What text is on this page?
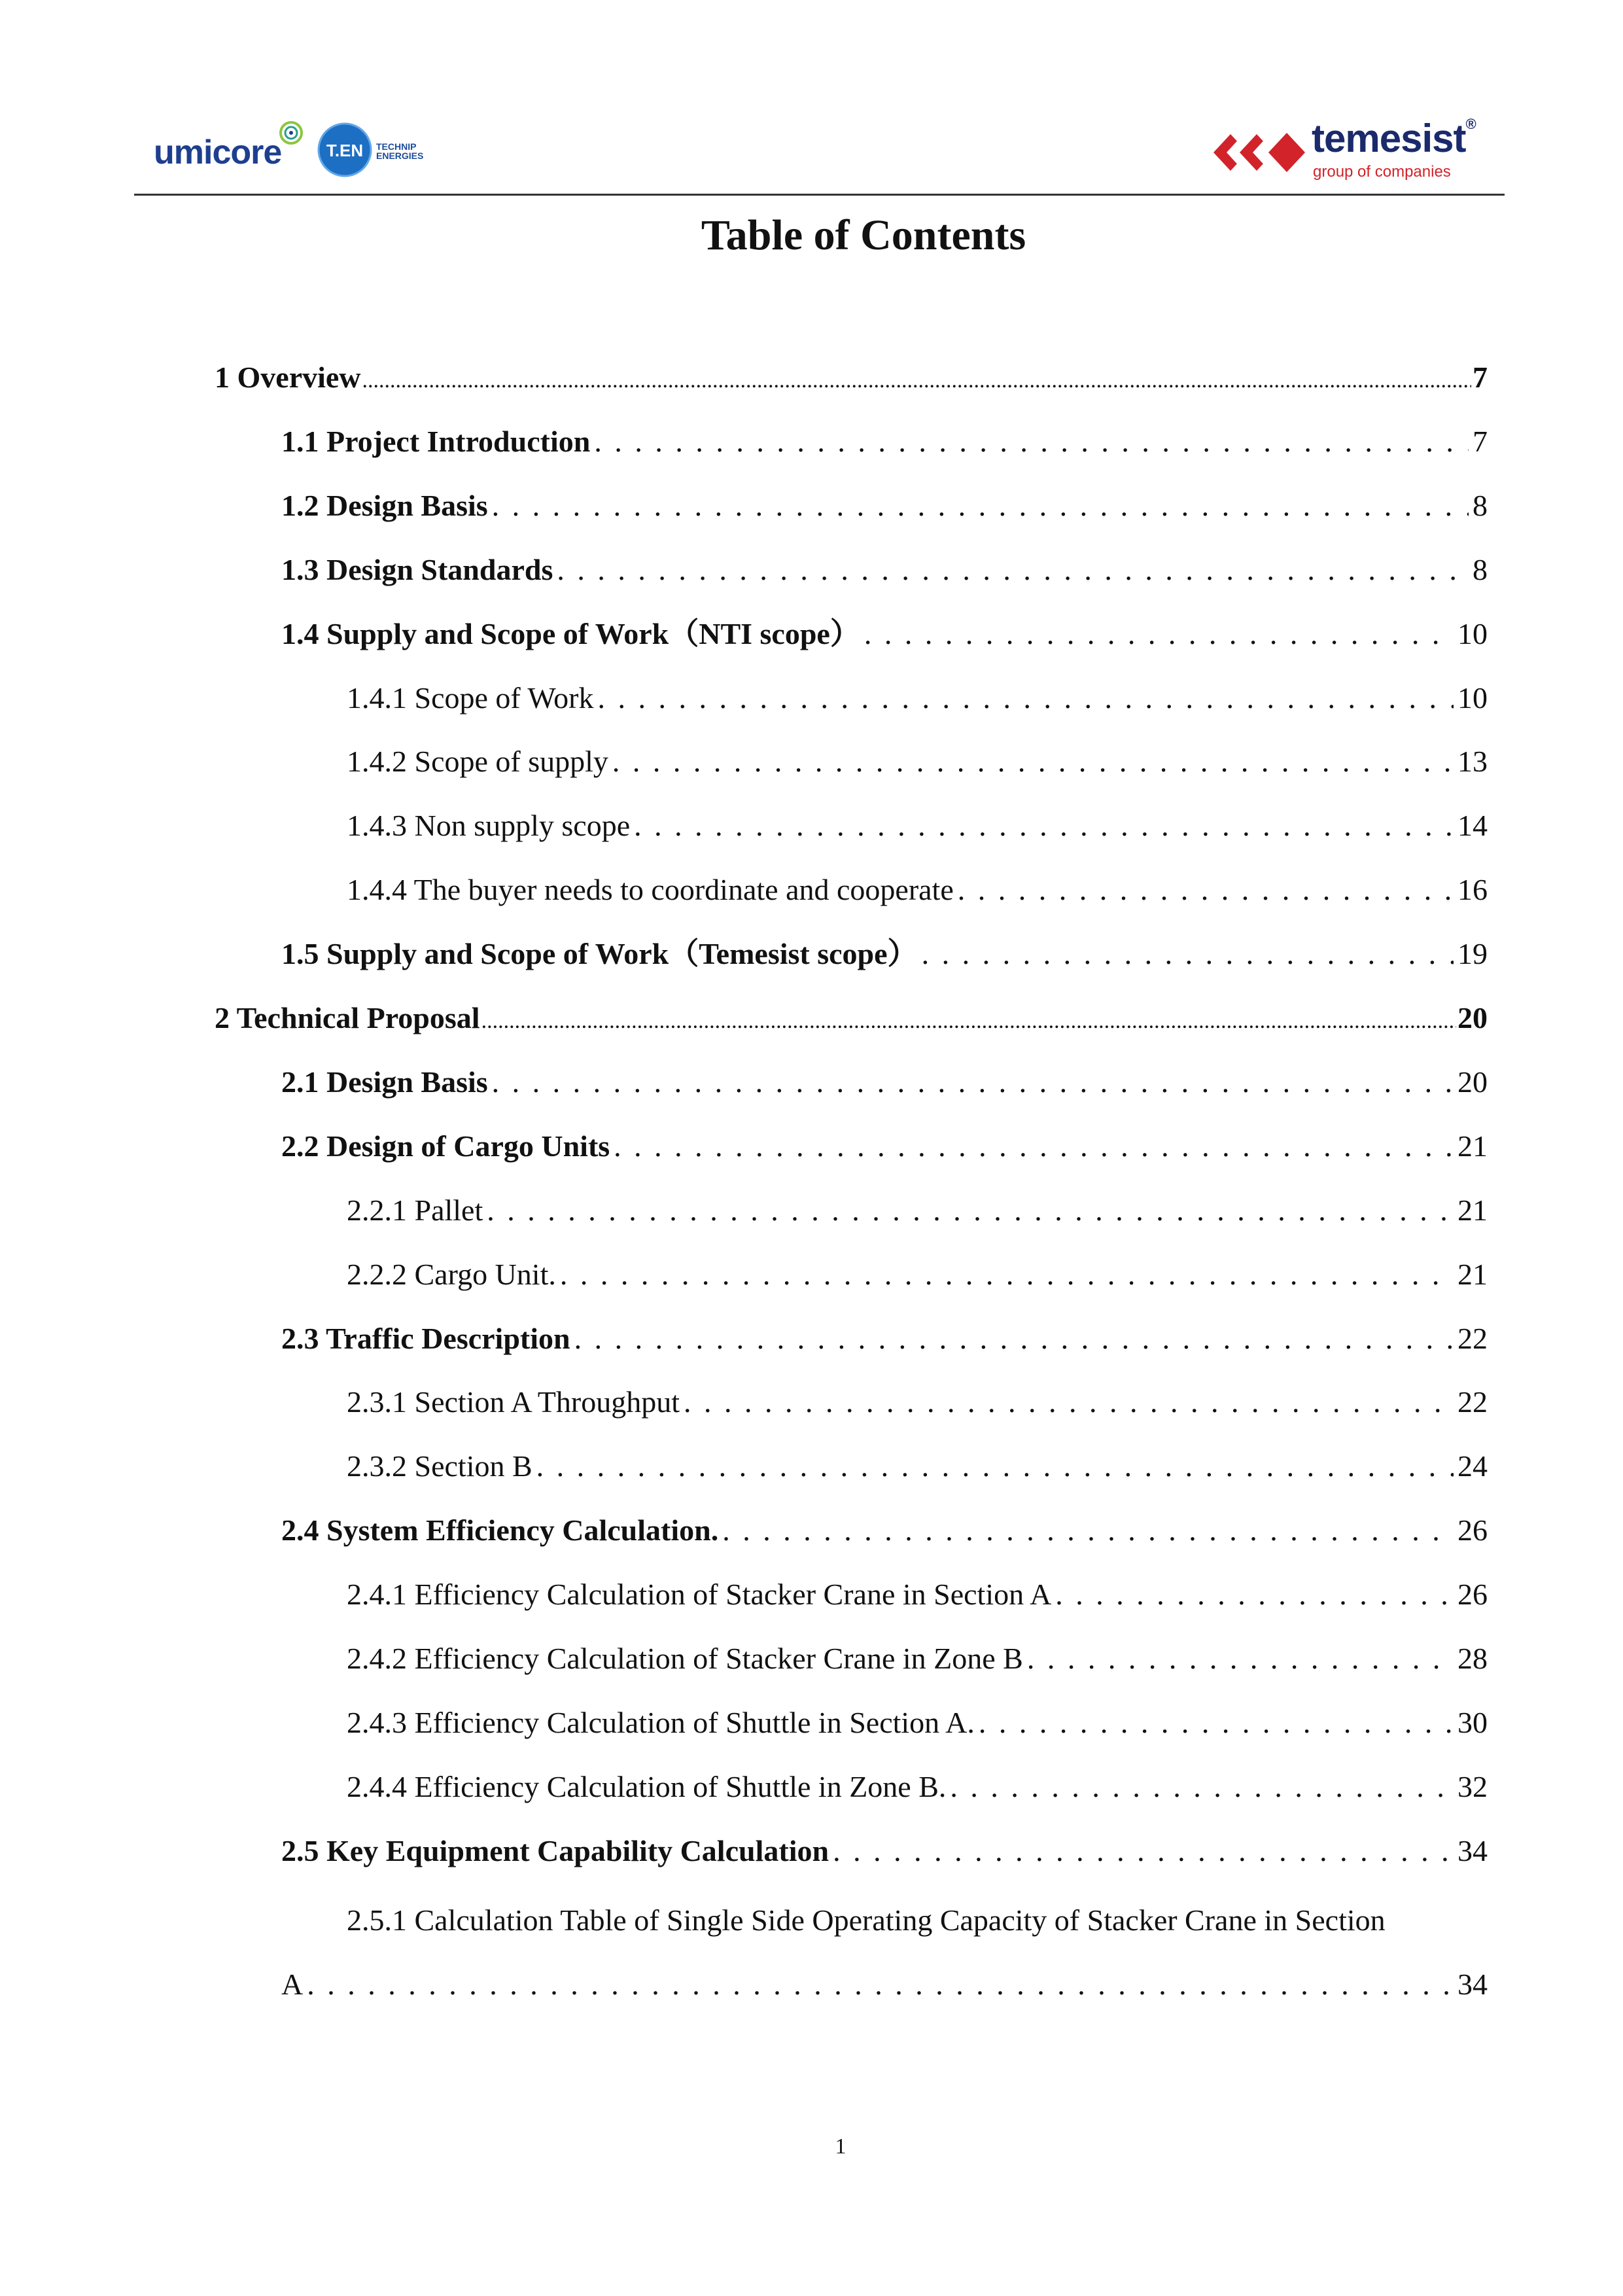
umicore	T.EN TECHNIP
ENERGIES	temesist®
group of companies
Table of Contents
1 Overview .....	7
1.1 Project Introduction . . .	7
1.2 Design Basis . . .	8
1.3 Design Standards . . .	8
1.4 Supply and Scope of Work（NTI scope） . . .	10
1.4.1 Scope of Work . . .	10
1.4.2 Scope of supply . . .	13
1.4.3 Non supply scope . . .	14
1.4.4 The buyer needs to coordinate and cooperate . . .	16
1.5 Supply and Scope of Work（Temesist scope） . . .	19
2 Technical Proposal .....	20
2.1 Design Basis . . .	20
2.2 Design of Cargo Units . . .	21
2.2.1 Pallet . . .	21
2.2.2 Cargo Unit. . . .	21
2.3 Traffic Description . . .	22
2.3.1 Section A Throughput . . .	22
2.3.2 Section B . . .	24
2.4 System Efficiency Calculation. . . .	26
2.4.1 Efficiency Calculation of Stacker Crane in Section A . . .	26
2.4.2 Efficiency Calculation of Stacker Crane in Zone B . . .	28
2.4.3 Efficiency Calculation of Shuttle in Section A. . . .	30
2.4.4 Efficiency Calculation of Shuttle in Zone B. . . .	32
2.5 Key Equipment Capability Calculation . . .	34
2.5.1 Calculation Table of Single Side Operating Capacity of Stacker Crane in Section
A . . .	34
1
